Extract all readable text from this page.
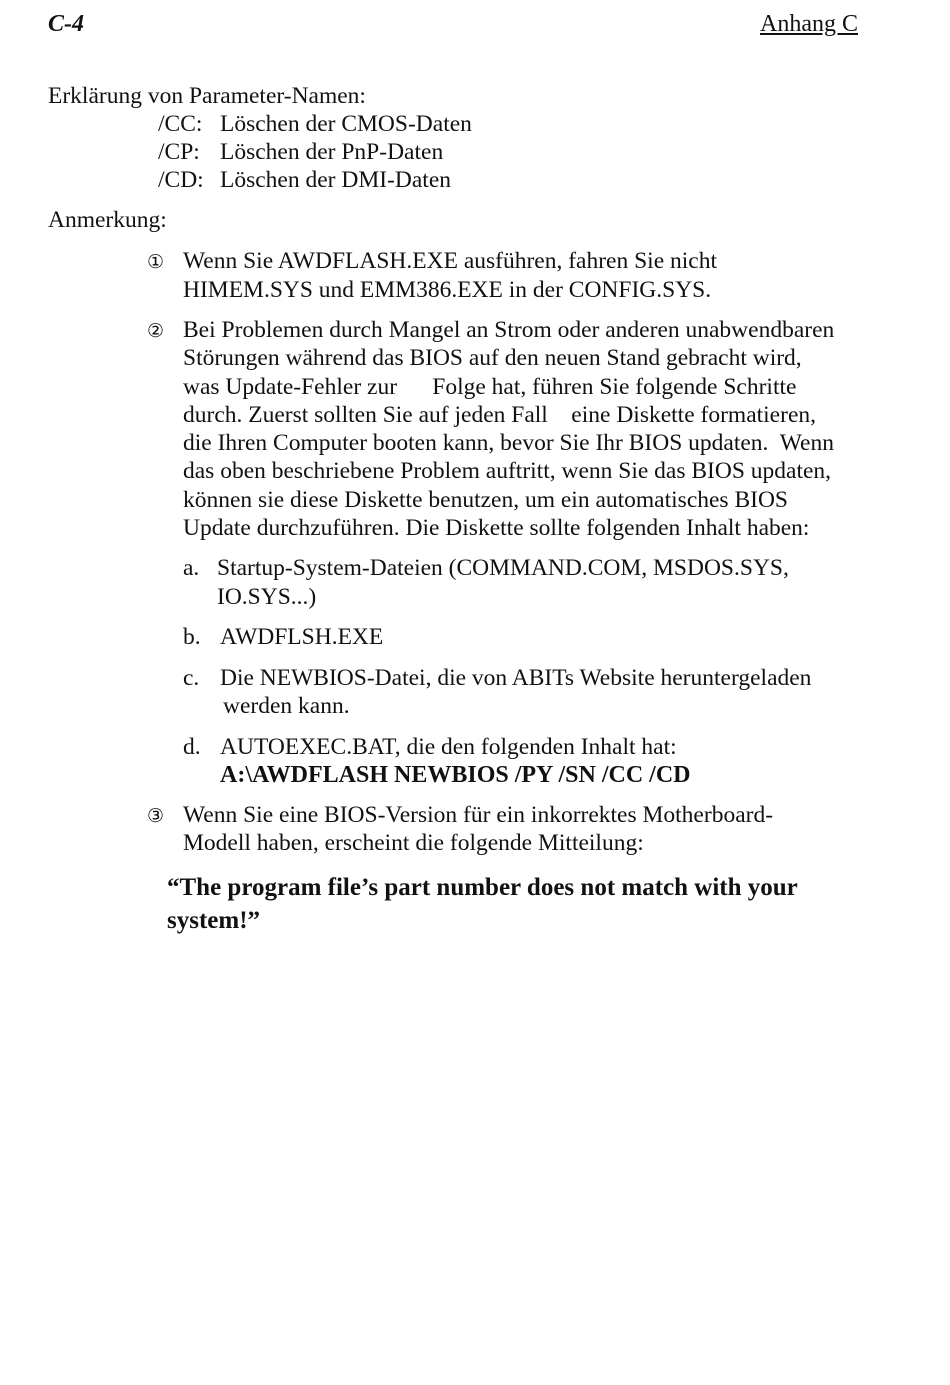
C-4	Anhang C
Erklärung von Parameter-Namen:
/CC: Löschen der CMOS-Daten
/CP: Löschen der PnP-Daten
/CD: Löschen der DMI-Daten
Anmerkung:
① Wenn Sie AWDFLASH.EXE ausführen, fahren Sie nicht
HIMEM.SYS und EMM386.EXE in der CONFIG.SYS.
② Bei Problemen durch Mangel an Strom oder anderen unabwendbaren
Störungen während das BIOS auf den neuen Stand gebracht wird,
was Update-Fehler zur      Folge hat, führen Sie folgende Schritte
durch. Zuerst sollten Sie auf jeden Fall    eine Diskette formatieren,
die Ihren Computer booten kann, bevor Sie Ihr BIOS updaten.  Wenn
das oben beschriebene Problem auftritt, wenn Sie das BIOS updaten,
können sie diese Diskette benutzen, um ein automatisches BIOS
Update durchzuführen. Die Diskette sollte folgenden Inhalt haben:
a. Startup-System-Dateien (COMMAND.COM, MSDOS.SYS,
IO.SYS...)
b. AWDFLSH.EXE
c. Die NEWBIOS-Datei, die von ABITs Website heruntergeladen
werden kann.
d. AUTOEXEC.BAT, die den folgenden Inhalt hat:
A:\AWDFLASH NEWBIOS /PY /SN /CC /CD
③ Wenn Sie eine BIOS-Version für ein inkorrektes Motherboard-
Modell haben, erscheint die folgende Mitteilung:
“The program file’s part number does not match with your
system!”
